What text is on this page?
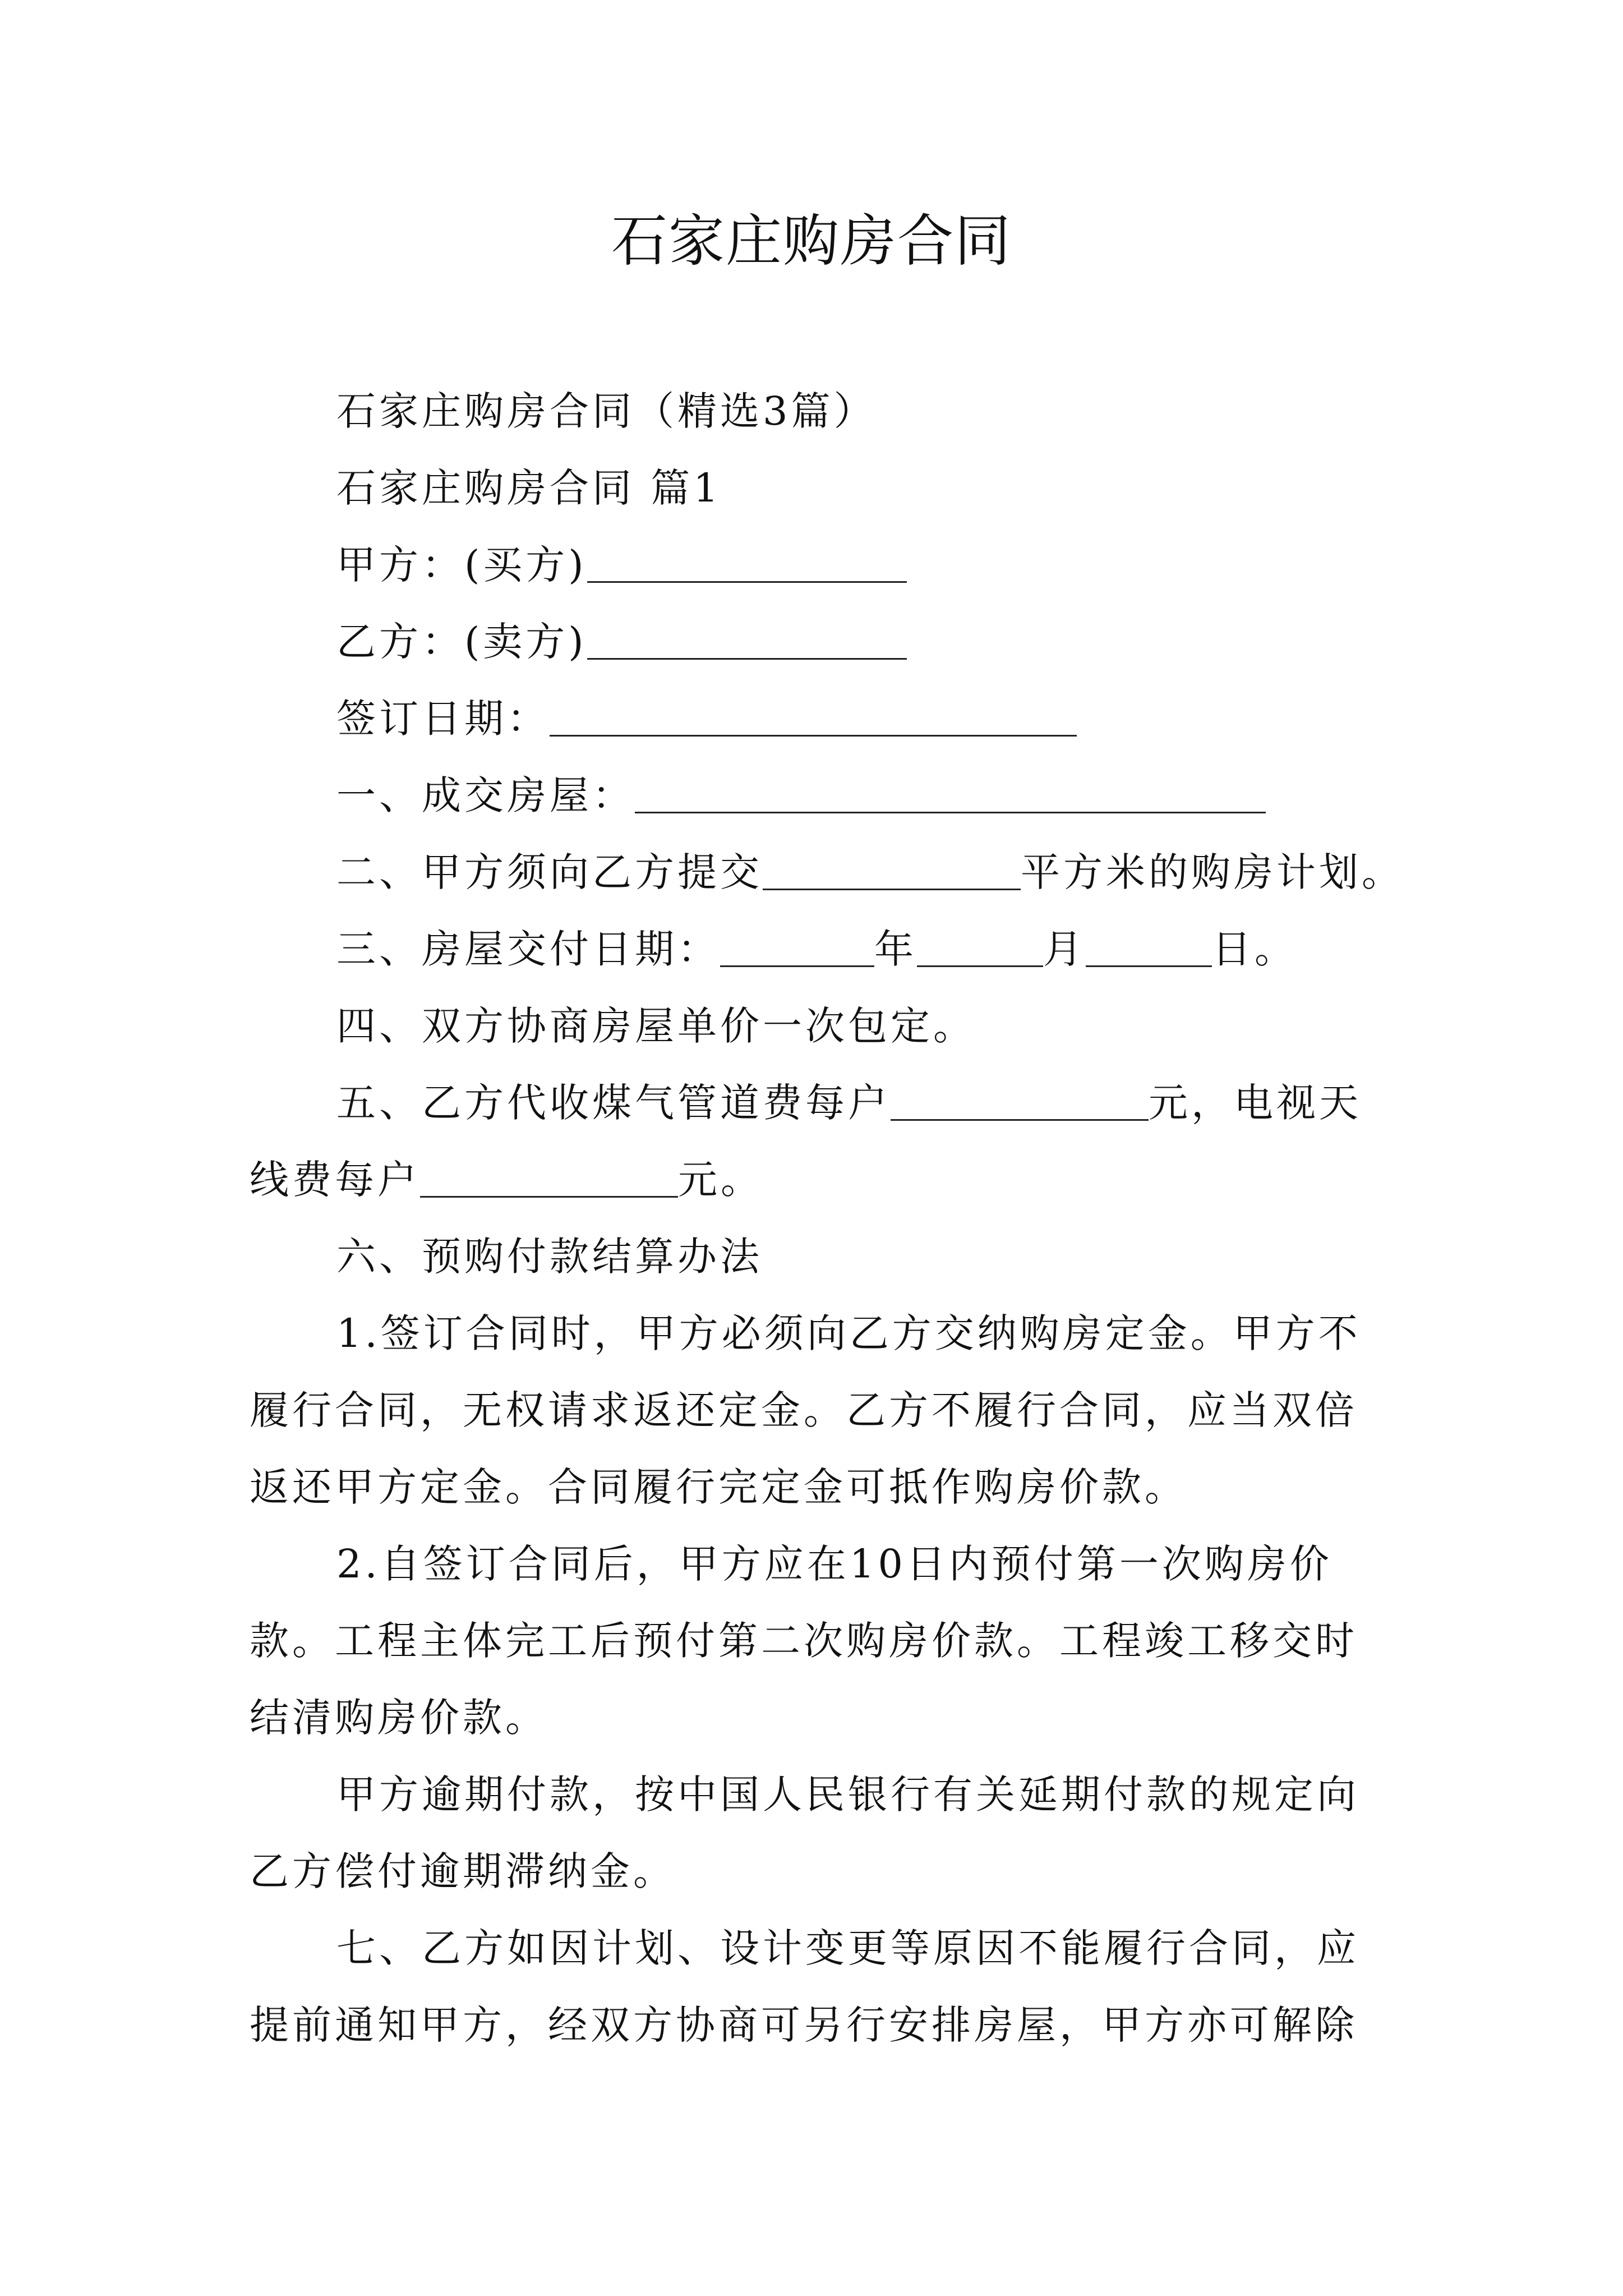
石家庄购房合同

石家庄购房合同（精选3篇）

石家庄购房合同 篇1

甲方：(买方)

乙方：(卖方)

签订日期：

一、成交房屋：

二、甲方须向乙方提交	平方米的购房计划。

三、房屋交付日期：	年	月	日。

四、双方协商房屋单价一次包定。

五、乙方代收煤气管道费每户	元，电视天线费每户	元。

六、预购付款结算办法

1.签订合同时，甲方必须向乙方交纳购房定金。甲方不履行合同，无权请求返还定金。乙方不履行合同，应当双倍返还甲方定金。合同履行完定金可抵作购房价款。

2.自签订合同后，甲方应在10日内预付第一次购房价款。工程主体完工后预付第二次购房价款。工程竣工移交时结清购房价款。

甲方逾期付款，按中国人民银行有关延期付款的规定向乙方偿付逾期滞纳金。

七、乙方如因计划、设计变更等原因不能履行合同，应提前通知甲方，经双方协商可另行安排房屋，甲方亦可解除
